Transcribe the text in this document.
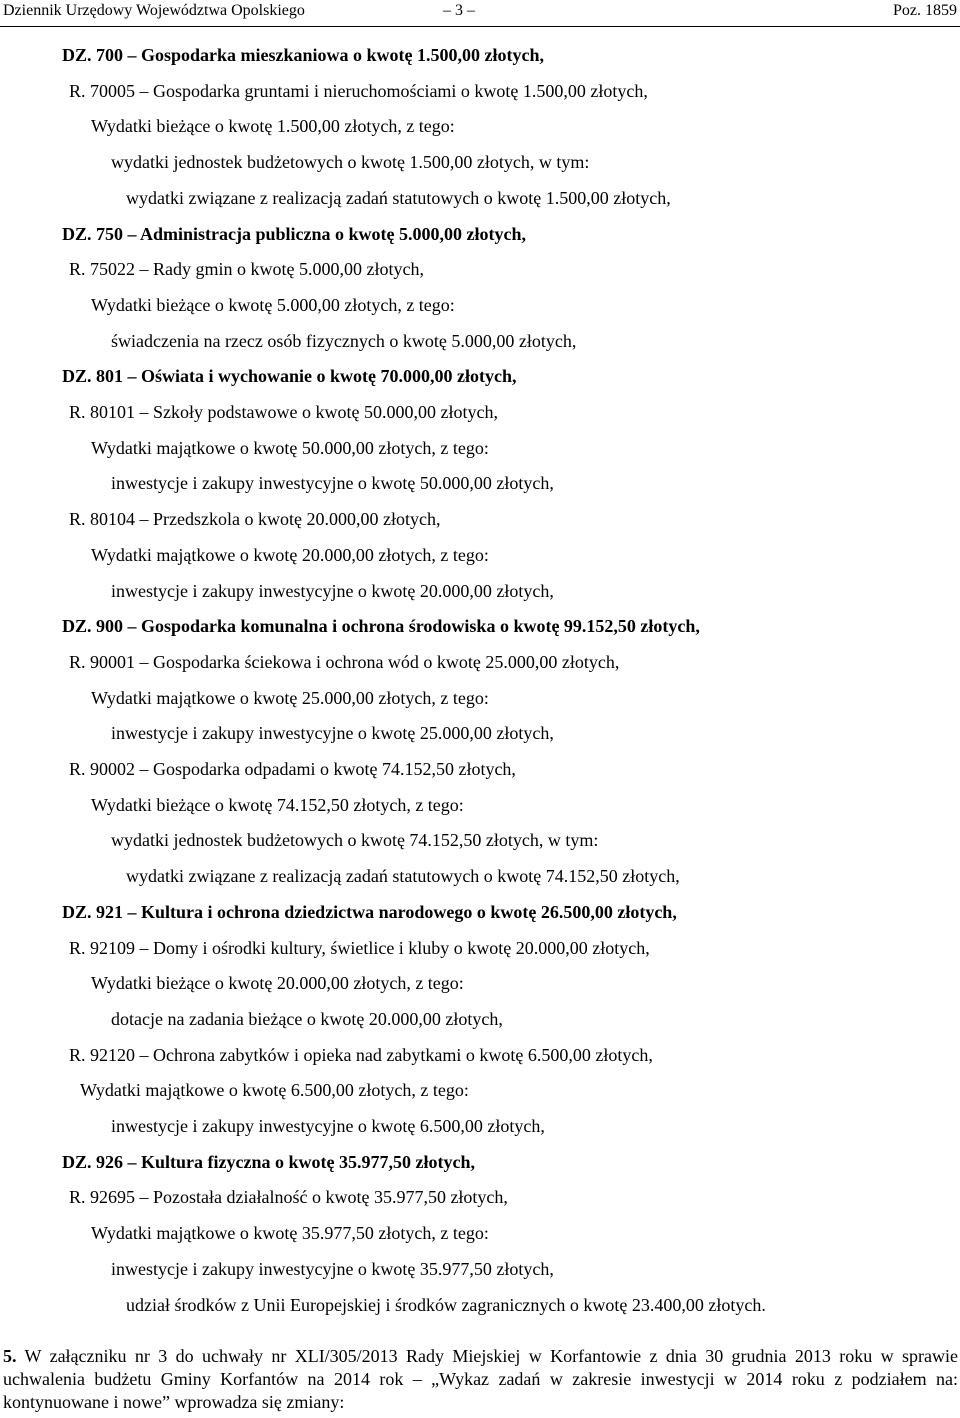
Dziennik Urzędowy Województwa Opolskiego	– 3 –	Poz. 1859
DZ. 700 – Gospodarka mieszkaniowa o kwotę 1.500,00 złotych,
R. 70005 – Gospodarka gruntami i nieruchomościami o kwotę 1.500,00 złotych,
Wydatki bieżące o kwotę 1.500,00 złotych, z tego:
wydatki jednostek budżetowych o kwotę 1.500,00 złotych, w tym:
wydatki związane z realizacją zadań statutowych o kwotę 1.500,00 złotych,
DZ. 750 – Administracja publiczna o kwotę 5.000,00 złotych,
R. 75022 – Rady gmin o kwotę 5.000,00 złotych,
Wydatki bieżące o kwotę 5.000,00 złotych, z tego:
świadczenia na rzecz osób fizycznych o kwotę 5.000,00 złotych,
DZ. 801 – Oświata i wychowanie o kwotę 70.000,00 złotych,
R. 80101 – Szkoły podstawowe o kwotę 50.000,00 złotych,
Wydatki majątkowe o kwotę 50.000,00 złotych, z tego:
inwestycje i zakupy inwestycyjne o kwotę 50.000,00 złotych,
R. 80104 – Przedszkola o kwotę 20.000,00 złotych,
Wydatki majątkowe o kwotę 20.000,00 złotych, z tego:
inwestycje i zakupy inwestycyjne o kwotę 20.000,00 złotych,
DZ. 900 – Gospodarka komunalna i ochrona środowiska o kwotę 99.152,50 złotych,
R. 90001 – Gospodarka ściekowa i ochrona wód o kwotę 25.000,00 złotych,
Wydatki majątkowe o kwotę 25.000,00 złotych, z tego:
inwestycje i zakupy inwestycyjne o kwotę 25.000,00 złotych,
R. 90002 – Gospodarka odpadami o kwotę 74.152,50 złotych,
Wydatki bieżące o kwotę 74.152,50 złotych, z tego:
wydatki jednostek budżetowych o kwotę 74.152,50 złotych, w tym:
wydatki związane z realizacją zadań statutowych o kwotę 74.152,50 złotych,
DZ. 921 – Kultura i ochrona dziedzictwa narodowego o kwotę 26.500,00 złotych,
R. 92109 – Domy i ośrodki kultury, świetlice i kluby o kwotę 20.000,00 złotych,
Wydatki bieżące o kwotę 20.000,00 złotych, z tego:
dotacje na zadania bieżące o kwotę 20.000,00 złotych,
R. 92120 – Ochrona zabytków i opieka nad zabytkami o kwotę 6.500,00 złotych,
Wydatki majątkowe o kwotę 6.500,00 złotych, z tego:
inwestycje i zakupy inwestycyjne o kwotę 6.500,00 złotych,
DZ. 926 – Kultura fizyczna o kwotę 35.977,50 złotych,
R. 92695 – Pozostała działalność o kwotę 35.977,50 złotych,
Wydatki majątkowe o kwotę 35.977,50 złotych, z tego:
inwestycje i zakupy inwestycyjne o kwotę 35.977,50 złotych,
udział środków z Unii Europejskiej i środków zagranicznych o kwotę 23.400,00 złotych.
5. W załączniku nr 3 do uchwały nr XLI/305/2013 Rady Miejskiej w Korfantowie z dnia 30 grudnia 2013 roku w sprawie uchwalenia budżetu Gminy Korfantów na 2014 rok – „Wykaz zadań w zakresie inwestycji w 2014 roku z podziałem na: kontynuowane i nowe” wprowadza się zmiany:
